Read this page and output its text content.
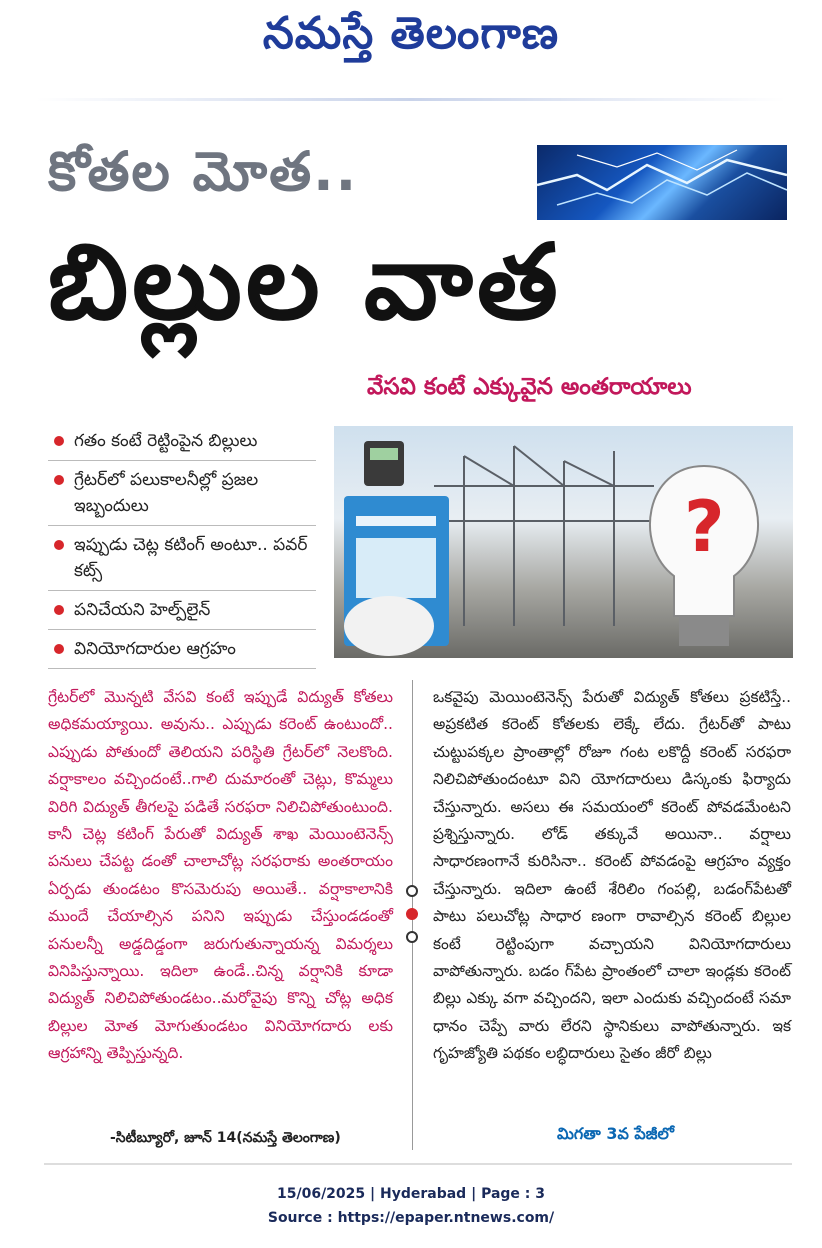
నమస్తే తెలంగాణ
కోతల మోత..
బిల్లుల వాత
వేసవి కంటే ఎక్కువైన అంతరాయాలు
గతం కంటే రెట్టింపైన బిల్లులు
గ్రేటర్‌లో పలుకాలనీల్లో ప్రజల ఇబ్బందులు
ఇప్పుడు చెట్ల కటింగ్ అంటూ.. పవర్ కట్స్
పనిచేయని హెల్ప్‌లైన్
వినియోగదారుల ఆగ్రహం
?
గ్రేటర్‌లో మొన్నటి వేసవి కంటే ఇప్పుడే విద్యుత్ కోతలు అధికమయ్యాయి. అవును.. ఎప్పుడు కరెంట్ ఉంటుందో.. ఎప్పుడు పోతుందో తెలియని పరిస్థితి గ్రేటర్‌లో నెలకొంది. వర్షాకాలం వచ్చిందంటే..గాలి దుమారంతో చెట్లు, కొమ్మలు విరిగి విద్యుత్ తీగలపై పడితే సరఫరా నిలిచిపోతుంటుంది. కానీ చెట్ల కటింగ్ పేరుతో విద్యుత్ శాఖ మెయింటెనెన్స్ పనులు చేపట్ట డంతో చాలాచోట్ల సరఫరాకు అంతరాయం ఏర్పడు తుండటం కొసమెరుపు అయితే.. వర్షాకాలానికి ముందే చేయాల్సిన పనిని ఇప్పుడు చేస్తుండడంతో పనులన్నీ అడ్డదిడ్డంగా జరుగుతున్నాయన్న విమర్శలు వినిపిస్తున్నాయి. ఇదిలా ఉండే..చిన్న వర్షానికి కూడా విద్యుత్ నిలిచిపోతుండటం..మరోవైపు కొన్ని చోట్ల అధిక బిల్లుల మోత మోగుతుండటం వినియోగదారు లకు ఆగ్రహాన్ని తెప్పిస్తున్నది.
-సిటీబ్యూరో, జూన్ 14(నమస్తే తెలంగాణ)
ఒకవైపు మెయింటెనెన్స్ పేరుతో విద్యుత్ కోతలు ప్రకటిస్తే.. అప్రకటిత కరెంట్ కోతలకు లెక్కే లేదు. గ్రేటర్‌తో పాటు చుట్టుపక్కల ప్రాంతాల్లో రోజూ గంట లకొద్దీ కరెంట్ సరఫరా నిలిచిపోతుందంటూ విని యోగదారులు డిస్కంకు ఫిర్యాదు చేస్తున్నారు. అసలు ఈ సమయంలో కరెంట్ పోవడమేంటని ప్రశ్నిస్తున్నారు. లోడ్ తక్కువే అయినా.. వర్షాలు సాధారణంగానే కురిసినా.. కరెంట్ పోవడంపై ఆగ్రహం వ్యక్తం చేస్తున్నారు. ఇదిలా ఉంటే శేరిలిం గంపల్లి, బడంగ్‌పేటతో పాటు పలుచోట్ల సాధార ణంగా రావాల్సిన కరెంట్ బిల్లుల కంటే రెట్టింపుగా వచ్చాయని వినియోగదారులు వాపోతున్నారు. బడం గ్‌పేట ప్రాంతంలో చాలా ఇండ్లకు కరెంట్ బిల్లు ఎక్కు వగా వచ్చిందని, ఇలా ఎందుకు వచ్చిందంటే సమా ధానం చెప్పే వారు లేరని స్థానికులు వాపోతున్నారు. ఇక గృహజ్యోతి పథకం లబ్ధిదారులు సైతం జీరో బిల్లు
మిగతా 3వ పేజీలో
15/06/2025 | Hyderabad | Page : 3
Source : https://epaper.ntnews.com/
